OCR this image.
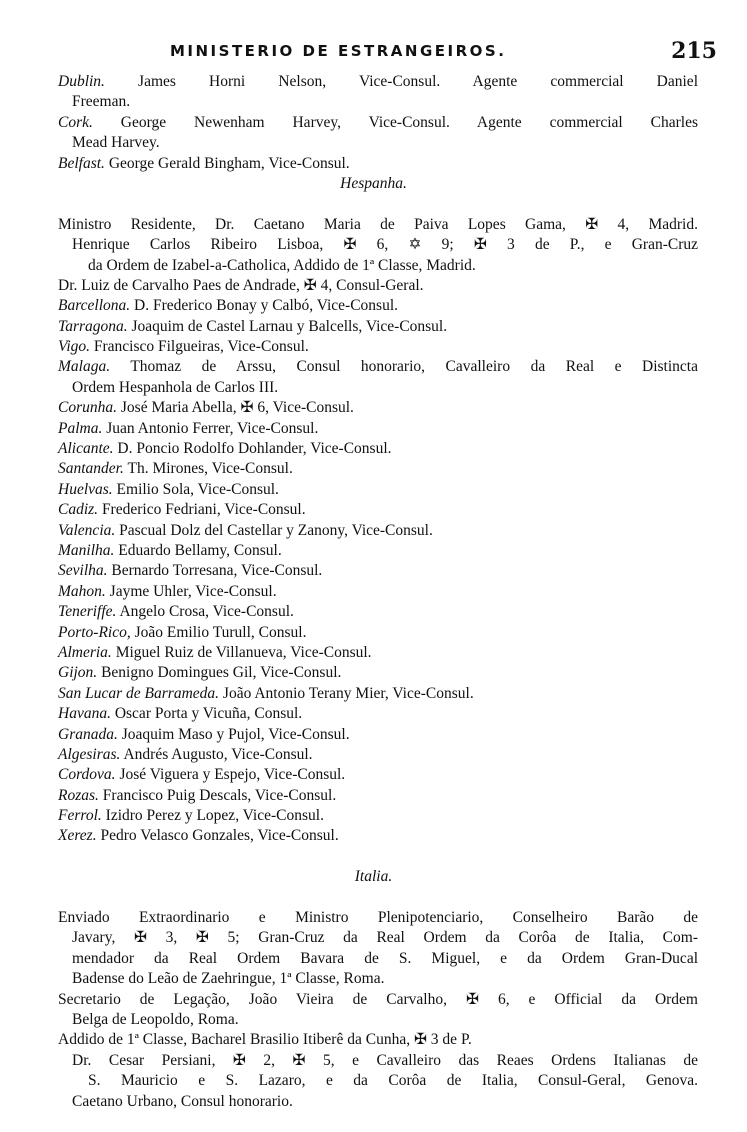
MINISTERIO DE ESTRANGEIROS.	215
Dublin. James Horni Nelson, Vice-Consul. Agente commercial Daniel
Freeman.
Cork. George Newenham Harvey, Vice-Consul. Agente commercial Charles
Mead Harvey.
Belfast. George Gerald Bingham, Vice-Consul.
Hespanha.
Ministro Residente, Dr. Caetano Maria de Paiva Lopes Gama, ✠ 4, Madrid.
Henrique Carlos Ribeiro Lisboa, ✠ 6, ✡ 9; ✠ 3 de P., e Gran-Cruz
da Ordem de Izabel-a-Catholica, Addido de 1ª Classe, Madrid.
Dr. Luiz de Carvalho Paes de Andrade, ✠ 4, Consul-Geral.
Barcellona. D. Frederico Bonay y Calbó, Vice-Consul.
Tarragona. Joaquim de Castel Larnau y Balcells, Vice-Consul.
Vigo. Francisco Filgueiras, Vice-Consul.
Malaga. Thomaz de Arssu, Consul honorario, Cavalleiro da Real e Distincta
Ordem Hespanhola de Carlos III.
Corunha. José Maria Abella, ✠ 6, Vice-Consul.
Palma. Juan Antonio Ferrer, Vice-Consul.
Alicante. D. Poncio Rodolfo Dohlander, Vice-Consul.
Santander. Th. Mirones, Vice-Consul.
Huelvas. Emilio Sola, Vice-Consul.
Cadiz. Frederico Fedriani, Vice-Consul.
Valencia. Pascual Dolz del Castellar y Zanony, Vice-Consul.
Manilha. Eduardo Bellamy, Consul.
Sevilha. Bernardo Torresana, Vice-Consul.
Mahon. Jayme Uhler, Vice-Consul.
Teneriffe. Angelo Crosa, Vice-Consul.
Porto-Rico, João Emilio Turull, Consul.
Almeria. Miguel Ruiz de Villanueva, Vice-Consul.
Gijon. Benigno Domingues Gil, Vice-Consul.
San Lucar de Barrameda. João Antonio Terany Mier, Vice-Consul.
Havana. Oscar Porta y Vicuña, Consul.
Granada. Joaquim Maso y Pujol, Vice-Consul.
Algesiras. Andrés Augusto, Vice-Consul.
Cordova. José Viguera y Espejo, Vice-Consul.
Rozas. Francisco Puig Descals, Vice-Consul.
Ferrol. Izidro Perez y Lopez, Vice-Consul.
Xerez. Pedro Velasco Gonzales, Vice-Consul.
Italia.
Enviado Extraordinario e Ministro Plenipotenciario, Conselheiro Barão de
Javary, ✠ 3, ✠ 5; Gran-Cruz da Real Ordem da Corôa de Italia, Com-
mendador da Real Ordem Bavara de S. Miguel, e da Ordem Gran-Ducal
Badense do Leão de Zaehringue, 1ª Classe, Roma.
Secretario de Legação, João Vieira de Carvalho, ✠ 6, e Official da Ordem
Belga de Leopoldo, Roma.
Addido de 1ª Classe, Bacharel Brasilio Itiberê da Cunha, ✠ 3 de P.
Dr. Cesar Persiani, ✠ 2, ✠ 5, e Cavalleiro das Reaes Ordens Italianas de
S. Mauricio e S. Lazaro, e da Corôa de Italia, Consul-Geral, Genova.
Caetano Urbano, Consul honorario.
